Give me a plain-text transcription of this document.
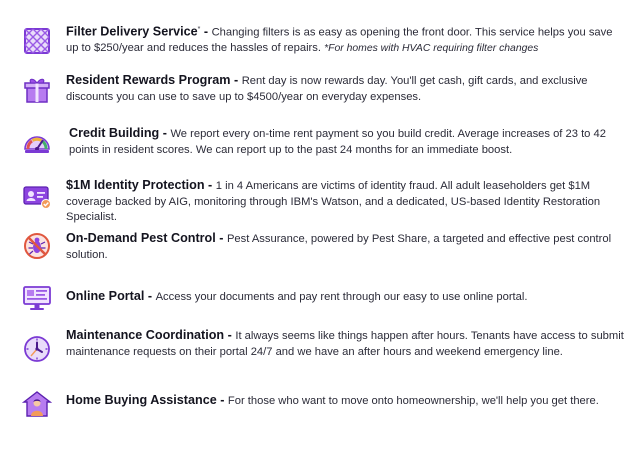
Filter Delivery Service* - Changing filters is as easy as opening the front door. This service helps you save up to $250/year and reduces the hassles of repairs. *For homes with HVAC requiring filter changes
Resident Rewards Program - Rent day is now rewards day. You'll get cash, gift cards, and exclusive discounts you can use to save up to $4500/year on everyday expenses.
Credit Building - We report every on-time rent payment so you build credit. Average increases of 23 to 42 points in resident scores. We can report up to the past 24 months for an immediate boost.
$1M Identity Protection - 1 in 4 Americans are victims of identity fraud. All adult leaseholders get $1M coverage backed by AIG, monitoring through IBM's Watson, and a dedicated, US-based Identity Restoration Specialist.
On-Demand Pest Control - Pest Assurance, powered by Pest Share, a targeted and effective pest control solution.
Online Portal - Access your documents and pay rent through our easy to use online portal.
Maintenance Coordination - It always seems like things happen after hours. Tenants have access to submit maintenance requests on their portal 24/7 and we have an after hours and weekend emergency line.
Home Buying Assistance - For those who want to move onto homeownership, we'll help you get there.
